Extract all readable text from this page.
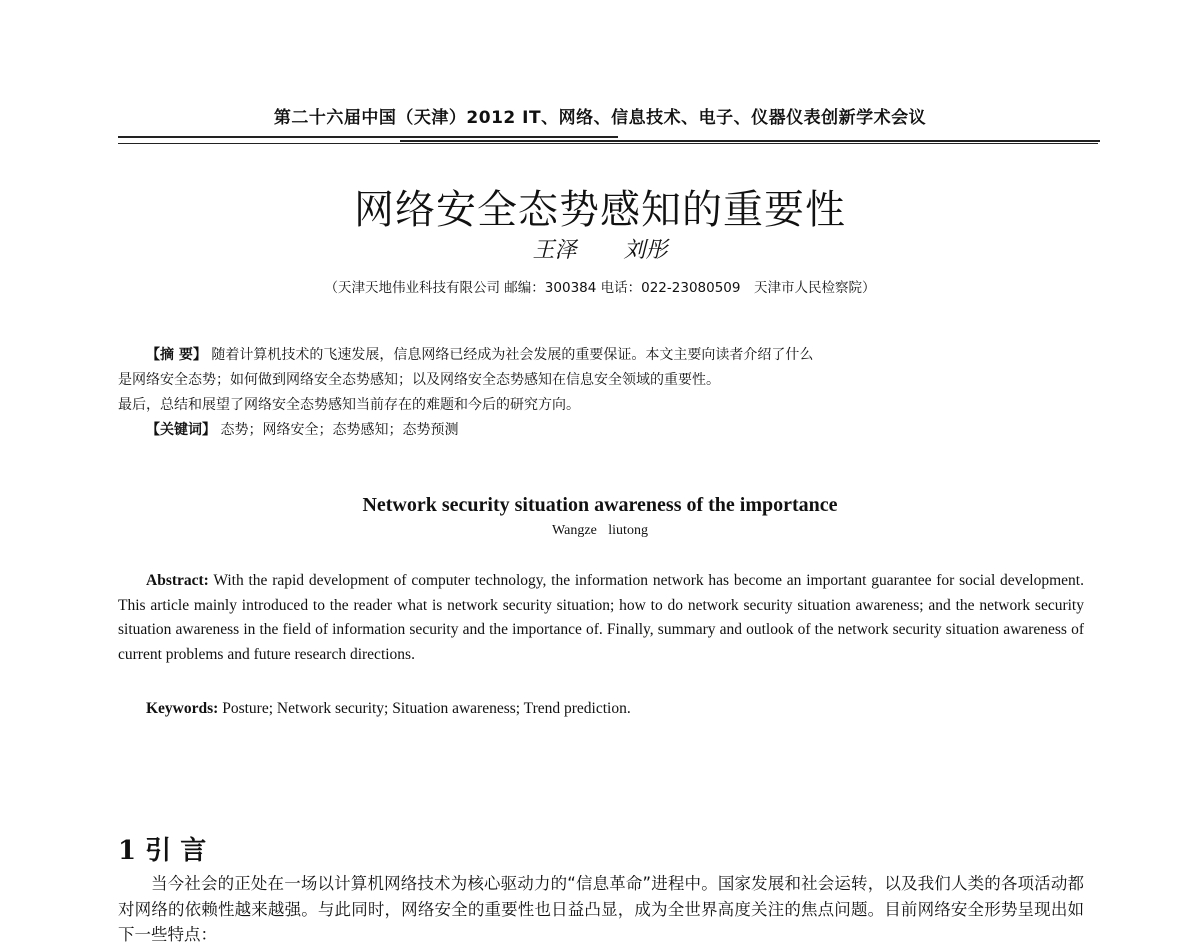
第二十六届中国（天津）2012 IT、网络、信息技术、电子、仪器仪表创新学术会议
网络安全态势感知的重要性
王泽 刘彤
（天津天地伟业科技有限公司 邮编：300384 电话：022-23080509　天津市人民检察院）

【摘 要】 随着计算机技术的飞速发展，信息网络已经成为社会发展的重要保证。本文主要向读者介绍了什么

是网络安全态势；如何做到网络安全态势感知；以及网络安全态势感知在信息安全领域的重要性。

最后，总结和展望了网络安全态势感知当前存在的难题和今后的研究方向。

【关键词】 态势；网络安全；态势感知；态势预测

Network security situation awareness of the importance
Wangze liutong

Abstract: With the rapid development of computer technology, the information network has become an important guarantee for social development. This article mainly introduced to the reader what is network security situation; how to do network security situation awareness; and the network security situation awareness in the field of information security and the importance of. Finally, summary and outlook of the network security situation awareness of current problems and future research directions.

Keywords: Posture; Network security; Situation awareness; Trend prediction.
1 引 言

当今社会的正处在一场以计算机网络技术为核心驱动力的“信息革命”进程中。国家发展和社会运转，以及我们人类的各项活动都对网络的依赖性越来越强。与此同时，网络安全的重要性也日益凸显，成为全世界高度关注的焦点问题。目前网络安全形势呈现出如下一些特点：
